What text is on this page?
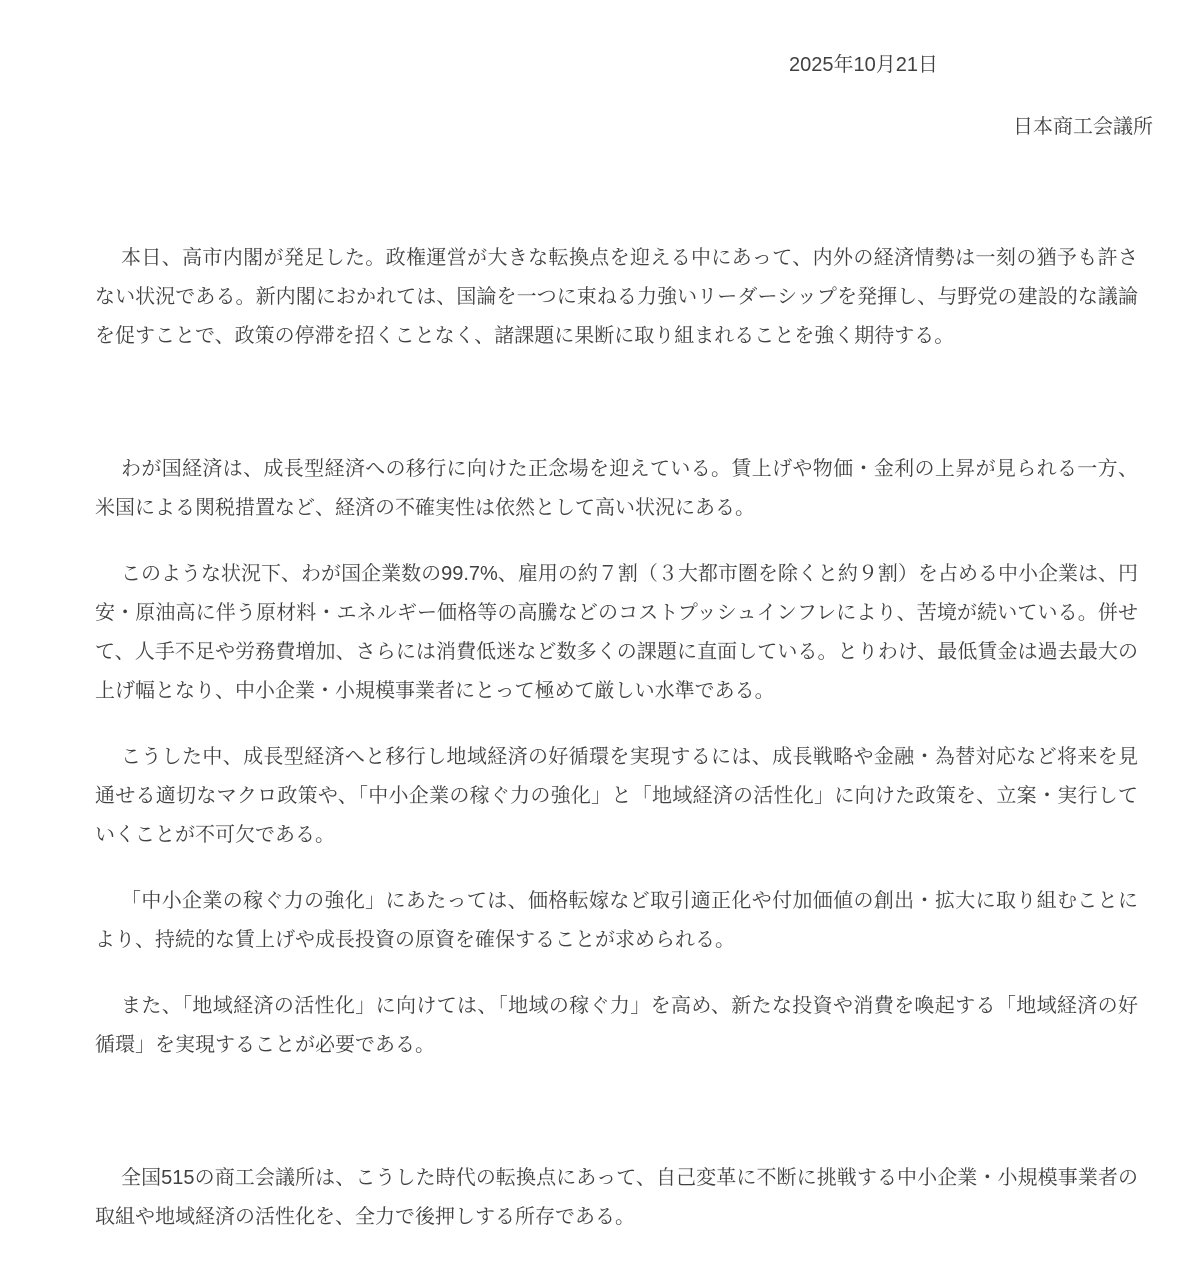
2025年10月21日
日本商工会議所

本日、高市内閣が発足した。政権運営が大きな転換点を迎える中にあって、内外の経済情勢は一刻の猶予も許さない状況である。新内閣におかれては、国論を一つに束ねる力強いリーダーシップを発揮し、与野党の建設的な議論を促すことで、政策の停滞を招くことなく、諸課題に果断に取り組まれることを強く期待する。

わが国経済は、成長型経済への移行に向けた正念場を迎えている。賃上げや物価・金利の上昇が見られる一方、米国による関税措置など、経済の不確実性は依然として高い状況にある。

このような状況下、わが国企業数の99.7%、雇用の約７割（３大都市圏を除くと約９割）を占める中小企業は、円安・原油高に伴う原材料・エネルギー価格等の高騰などのコストプッシュインフレにより、苦境が続いている。併せて、人手不足や労務費増加、さらには消費低迷など数多くの課題に直面している。とりわけ、最低賃金は過去最大の上げ幅となり、中小企業・小規模事業者にとって極めて厳しい水準である。

こうした中、成長型経済へと移行し地域経済の好循環を実現するには、成長戦略や金融・為替対応など将来を見通せる適切なマクロ政策や、「中小企業の稼ぐ力の強化」と「地域経済の活性化」に向けた政策を、立案・実行していくことが不可欠である。

「中小企業の稼ぐ力の強化」にあたっては、価格転嫁など取引適正化や付加価値の創出・拡大に取り組むことにより、持続的な賃上げや成長投資の原資を確保することが求められる。

また、「地域経済の活性化」に向けては、「地域の稼ぐ力」を高め、新たな投資や消費を喚起する「地域経済の好循環」を実現することが必要である。

全国515の商工会議所は、こうした時代の転換点にあって、自己変革に不断に挑戦する中小企業・小規模事業者の取組や地域経済の活性化を、全力で後押しする所存である。
